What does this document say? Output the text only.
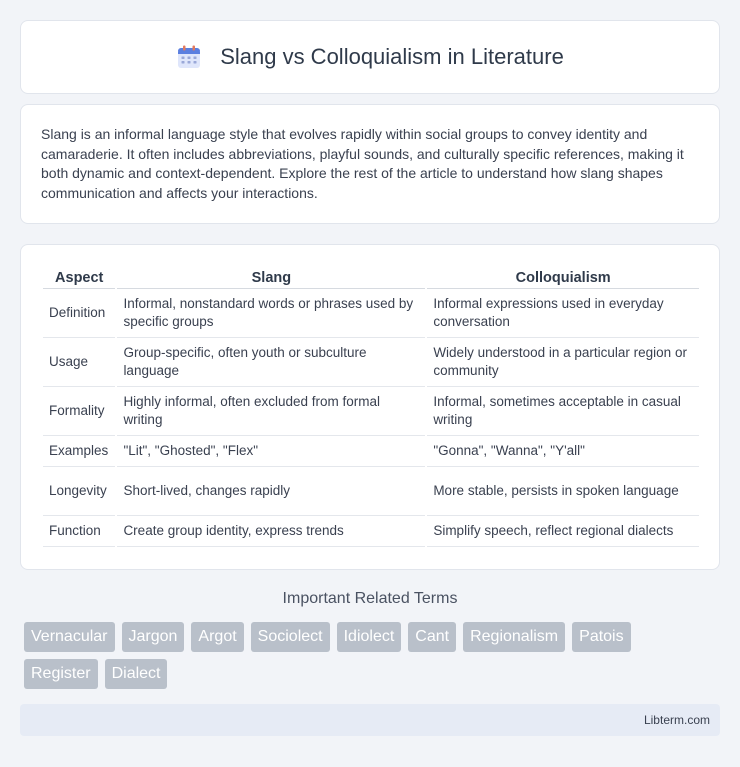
Slang vs Colloquialism in Literature

Slang is an informal language style that evolves rapidly within social groups to convey identity and camaraderie. It often includes abbreviations, playful sounds, and culturally specific references, making it both dynamic and context-dependent. Explore the rest of the article to understand how slang shapes communication and affects your interactions.

Aspect	Slang	Colloquialism
Definition	Informal, nonstandard words or phrases used by specific groups	Informal expressions used in everyday conversation
Usage	Group-specific, often youth or subculture language	Widely understood in a particular region or community
Formality	Highly informal, often excluded from formal writing	Informal, sometimes acceptable in casual writing
Examples	"Lit", "Ghosted", "Flex"	"Gonna", "Wanna", "Y'all"
Longevity	Short-lived, changes rapidly	More stable, persists in spoken language
Function	Create group identity, express trends	Simplify speech, reflect regional dialects
Important Related Terms
Vernacular	Jargon	Argot	Sociolect	Idiolect	Cant	Regionalism	Patois
Register	Dialect
Libterm.com
